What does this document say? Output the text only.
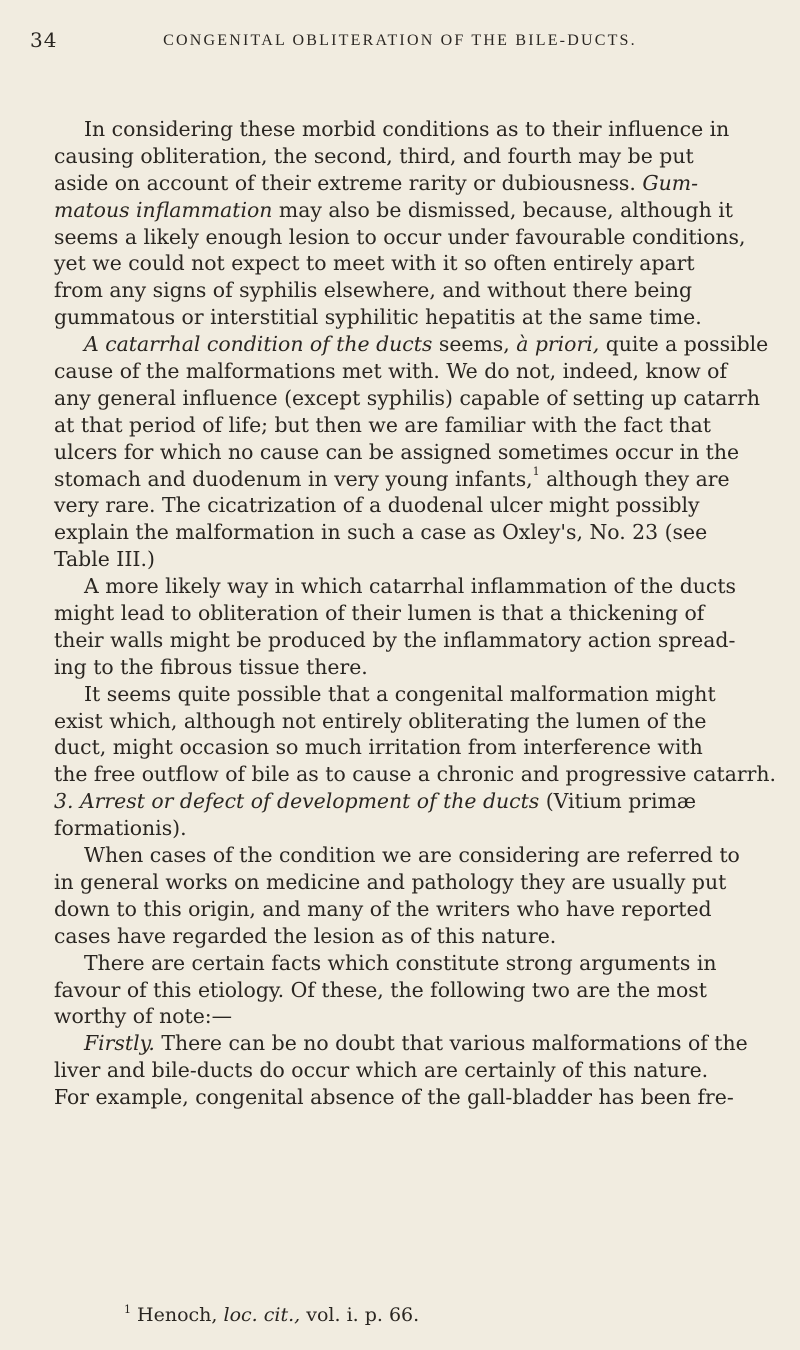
34	CONGENITAL OBLITERATION OF THE BILE-DUCTS.
In considering these morbid conditions as to their influence in
causing obliteration, the second, third, and fourth may be put
aside on account of their extreme rarity or dubiousness. Gum-
matous inflammation may also be dismissed, because, although it
seems a likely enough lesion to occur under favourable conditions,
yet we could not expect to meet with it so often entirely apart
from any signs of syphilis elsewhere, and without there being
gummatous or interstitial syphilitic hepatitis at the same time.
A catarrhal condition of the ducts seems, à priori, quite a possible
cause of the malformations met with. We do not, indeed, know of
any general influence (except syphilis) capable of setting up catarrh
at that period of life; but then we are familiar with the fact that
ulcers for which no cause can be assigned sometimes occur in the
stomach and duodenum in very young infants,$^1$ although they are
very rare. The cicatrization of a duodenal ulcer might possibly
explain the malformation in such a case as Oxley's, No. 23 (see
Table III.)
A more likely way in which catarrhal inflammation of the ducts
might lead to obliteration of their lumen is that a thickening of
their walls might be produced by the inflammatory action spread-
ing to the fibrous tissue there.
It seems quite possible that a congenital malformation might
exist which, although not entirely obliterating the lumen of the
duct, might occasion so much irritation from interference with
the free outflow of bile as to cause a chronic and progressive catarrh.
3. Arrest or defect of development of the ducts (Vitium primæ
formationis).
When cases of the condition we are considering are referred to
in general works on medicine and pathology they are usually put
down to this origin, and many of the writers who have reported
cases have regarded the lesion as of this nature.
There are certain facts which constitute strong arguments in
favour of this etiology. Of these, the following two are the most
worthy of note:—
Firstly. There can be no doubt that various malformations of the
liver and bile-ducts do occur which are certainly of this nature.
For example, congenital absence of the gall-bladder has been fre-
$^1$ Henoch, loc. cit., vol. i. p. 66.
